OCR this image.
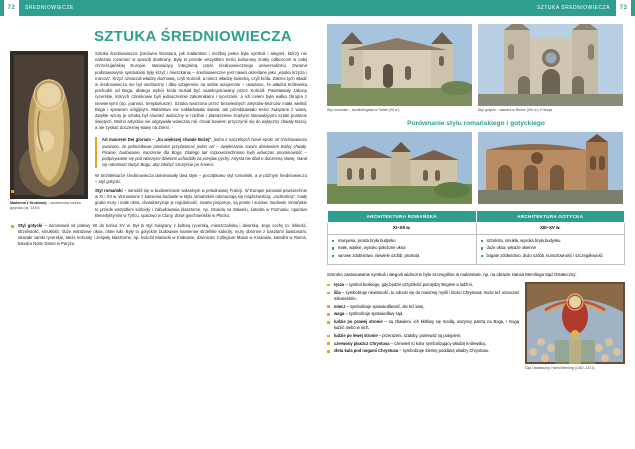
72	ŚREDNIOWIECZE	SZTUKA ŚREDNIOWIECZA	73
SZTUKA ŚREDNIOWIECZA
Madonna z Krużlowej – anonimowa rzeźba gotycka (ok. 1410)

Sztuka średniowiecza (zarówno literatura, jak malarstwo i rzeźba) pełna była symboli i alegorii, którzy nie należało rozumieć w sposób dosłowny. Były to przede wszystkim treści kulturowy znaky odbiorcom w całej chrześcijańskiej Europie, stanowiący integralną część średniowiecznego uniwersalizmu. Dwoma podstawowymi symbolami były krzyż i mieszkanie – średniowieczne jest nawet określane jako „epoka krzyża i miecza”. Krzyż oznaczał władzę duchową, czyli Kościół, a miecz władzę świecką, czyli króla. Zakres tych władz w średniowieczu nie był niezbieżny i dbię wzajemnie na siebie wzajemnie – uważano, że władza królewska pochodzi od Boga, dlatego wybór króla musiał być usankcjonowany przez Kościół. Pawstawały zakony rycerskie, których członkowie byli jednocześnie zakonnikami i rycerzami, a ich celem była walka zbrojna z niewiernymi (np. joannici, templariusze). Sztuka tworzona przez bezwiednych artystów-twórców miała wielbić Boga i sprawom religijnym. Malarstwo nie nakładowała świata, ale przedstawiało treści związane z wiarą. Zwykłe wzory je sztuką był również widoczny w rzeźbie i plasterzenie ściętymi stanowiącymi sztuki postacie świętych. Wolno artystów nie odgrywała wówczas roli, chciał bowiem przyczynić się do wyłączny chwały Bożej, a nie zyskać doczesnej sławy na Ziemi.

Ad maiorem Dei gloriam – „ku większej chwale Bożej”, jedno z naczelnych haseł epoki. W średniowieczu uważano, że jednostkowe powinien przyświecać jeden cel – zwiększanie swoim dziełaniem Bożej chwały. Pisanie, budowanie, tworzenie dla Boga. Dlatego tak rozpowszechniono była wówczas anonimowość – podpisywanie się pod własnymi dziełami uchodziło za przejaw pychy. Artysta nie dbał o doczesną sławę, starał się natomiast służyć Bogu, aby zdobyć szczęście po śmierci.

W architekturze średniowiecza dominowały dwa style – początkowo styl romański, a w późnym średniowieczu – styl gotycki.

Styl romański – narodził się w budownictwie sakralnym w południowej Francji. W Europie panował powszechnie w XI i XII w. Wzniesione z kamienia budowle w stylu romańskim odznaczają się miąższwością, „ciężkością”, miały grube mury i małe okna, charakteryzuje je regularność, zwarte proporcje, są proste i surowe. Budowle romańskie to przede wszystkim kościoły i zabudowania klasztorne, np. rotunda na Wawelu, katedra w Poznaniu, opactwo Benedyktynów w Tyńcu, opactwo w Cluny, drzwi gnieźnieńskie w Płocku.
Styl gotycki – dominował od połowy XII do końca XV w. Był to styl związany z kulturą rycerską, mieszczańską i dworską. Jego cechy to: lekkość, strzelistość, smukłość, duże witrażowe okna, ostre łuki. Były to gotyckim budowane kamienne strzeliste katedry, mury obronne z basztami bastionami, okazałe zamki rycerskie, także kościoły i zespoły klasztorne, np. kościół Mariacki w Krakowie, dzieniciec Collegium Maius w Krakowie, katedra w Reims, katedra Notre Dame w Paryżu.
Styl romański – archikolegiata w Tumie (XII w.)	Styl gotycki – katedra w Reims (XIII w.), Francja
Porównanie stylu romańskiego i gotyckiego
ARCHITEKTURA ROMAŃSKA	ARCHITEKTURA GOTYCKA
XI–XII w.	XIII–XV w.

masywna, prosta bryła budynku
małe, wąskie, wysoko położone okna
surowe zdobnictwo, niewiele ozdób, prostota

strzelista, smukła, wysoka bryła budynku
duże okna, witraże okienne
bogate zdobnictwo, dużo ozdób, kunsztowność i szczegółowość

Szeroko zastosowanie symboli i alegorii widoczne było szczególnie w malarstwie, np. na obrazie Hansa Memlinga Sąd Ostateczny:

tęcza – symbol boskiego, gdy będzie przyszłość pomiędzy Bogiem a ludźmi,
lilia – symbolizuje niewinność, tu odnosi się do nowiznej myśli i litości Chrystusa; może też oznaczać miłosierdzie,
miecz – symbolizuje sprawiedliwość, ale też karę,
waga – symbolizuje sprawiedliwy sąd,
ludzie po prawej stronie – są zbawieni, ich kłótliwy się modlą, wszyscy patrzą na Boga, i mogą łudzić niebo w nich,
ludzie po lewej stronie – przerażeni, szaloby, ponieważ są potępieni,
czerwony płaszcz Chrystusa – czerwień to kolor symbolizujący władzę królewską,
złota kula pod nogami Chrystusa – symbolizuje Ziemię poddaną władzy Chrystusa.
Sąd Ostateczny, Hans Memling (1467–1471)
